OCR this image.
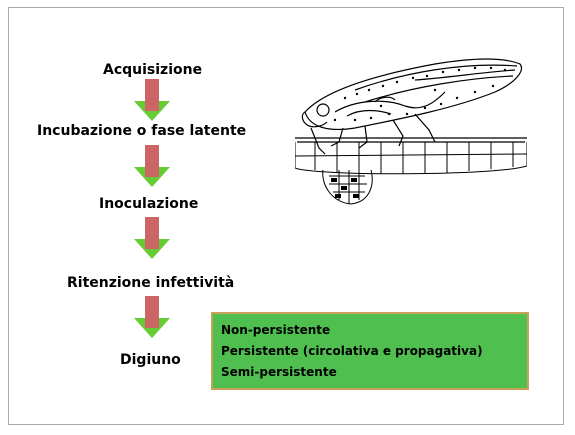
Acquisizione
Incubazione o fase latente
Inoculazione
Ritenzione infettività
Digiuno
Non-persistente
Persistente (circolativa e propagativa)
Semi-persistente
